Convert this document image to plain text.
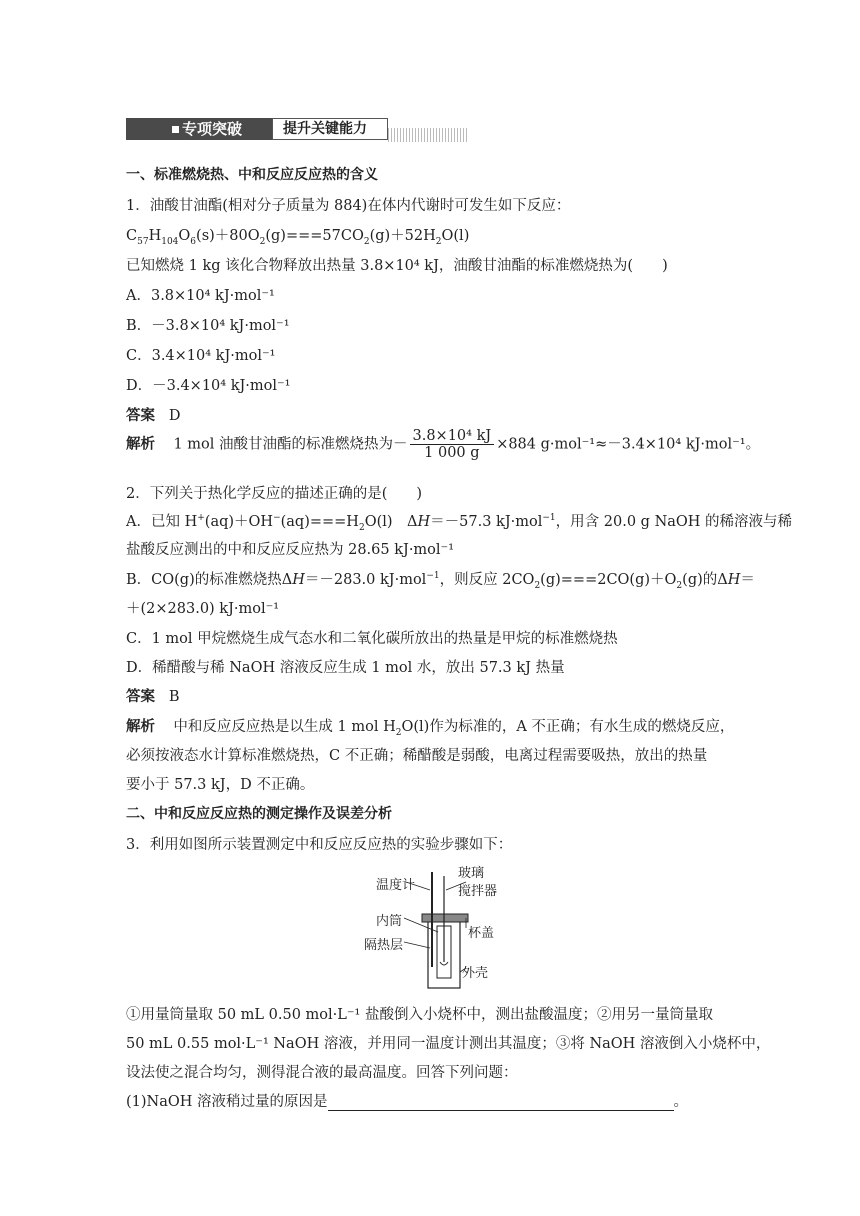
专项突破	提升关键能力
一、标准燃烧热、中和反应反应热的含义
1．油酸甘油酯(相对分子质量为 884)在体内代谢时可发生如下反应：
$C_{57}H_{104}O_6(s)+80O_2(g)===57CO_2(g)+52H_2O(l)$
已知燃烧 1 kg 该化合物释放出热量 3.8×10⁴ kJ，油酸甘油酯的标准燃烧热为(　　)
A．3.8×10⁴ kJ·mol⁻¹
B．－3.8×10⁴ kJ·mol⁻¹
C．3.4×10⁴ kJ·mol⁻¹
D．－3.4×10⁴ kJ·mol⁻¹
答案 D
解析 1 mol 油酸甘油酯的标准燃烧热为－ $\frac{\text{3.8×10⁴ kJ}}{1 000 g} \times 884$ g·mol⁻¹≈－3.4×10⁴ kJ·mol⁻¹。
2．下列关于热化学反应的描述正确的是(　　)
A．已知 $H^+(aq)+OH^-(aq)===H_2O(l)$　ΔH＝－57.3 kJ·mol$^{-1}$，用含 20.0 g NaOH 的稀溶液与稀
盐酸反应测出的中和反应反应热为 28.65 kJ·mol⁻¹
B．CO(g)的标准燃烧热ΔH＝－283.0 kJ·mol$^{-1}$，则反应 $2CO_2(g)===2CO(g)+O_2(g)$的ΔH＝
＋(2×283.0) kJ·mol⁻¹
C．1 mol 甲烷燃烧生成气态水和二氧化碳所放出的热量是甲烷的标准燃烧热
D．稀醋酸与稀 NaOH 溶液反应生成 1 mol 水，放出 57.3 kJ 热量
答案 B
解析    中和反应反应热是以生成 1 mol $H_2O(l)$作为标准的，A 不正确；有水生成的燃烧反应，
必须按液态水计算标准燃烧热，C 不正确；稀醋酸是弱酸，电离过程需要吸热，放出的热量
要小于 57.3 kJ，D 不正确。
二、中和反应反应热的测定操作及误差分析
3．利用如图所示装置测定中和反应反应热的实验步骤如下：
温度计
玻璃
搅拌器
内筒
杯盖
隔热层
外壳
①用量筒量取 50 mL 0.50 mol·L⁻¹ 盐酸倒入小烧杯中，测出盐酸温度；②用另一量筒量取
50 mL 0.55 mol·L⁻¹ NaOH 溶液，并用同一温度计测出其温度；③将 NaOH 溶液倒入小烧杯中，
设法使之混合均匀，测得混合液的最高温度。回答下列问题：
(1)NaOH 溶液稍过量的原因是	。
